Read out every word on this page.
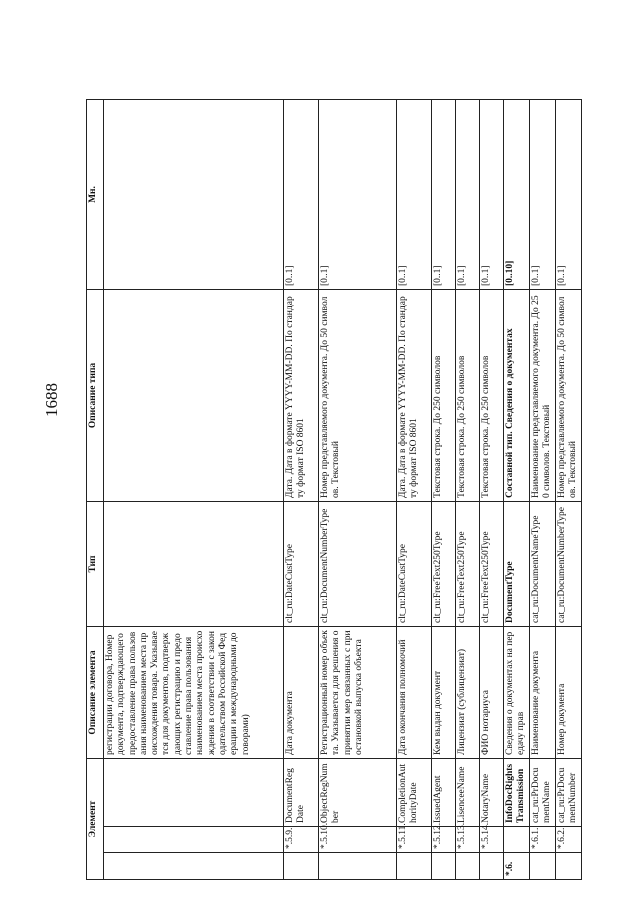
1688
Элемент			Описание элемента	Тип	Описание типа	Мн.
			регистрации договора, Номер документа, подтверждающего предоставление права пользования наименованием места происхождения товара. Указывается для документов, подтверждающих регистрацию и предоставление права пользования наименованием места происхождения в соответствии с законодательством Российской Федерации и международными договорами)			
	*.5.9.	DocumentRegDate	Дата документа	clt_ru:DateCustType	Дата. Дата в формате YYYY-MM-DD. По стандарту формат ISO 8601	[0..1]
	*.5.10.	ObjectRegNumber	Регистрационный номер объекта. Указывается для решения о принятии мер связанных с приостановкой выпуска объекта	clt_ru:DocumentNumberType	Номер представляемого документа. До 50 символов. Текстовый	[0..1]
	*.5.11.	CompletionAuthorityDate	Дата окончания полномочий	clt_ru:DateCustType	Дата. Дата в формате YYYY-MM-DD. По стандарту формат ISO 8601	[0..1]
	*.5.12.	IssuedAgent	Кем выдан документ	clt_ru:FreeText250Type	Текстовая строка. До 250 символов	[0..1]
	*.5.13.	LisenceeName	Лицензиат (сублицензиат)	clt_ru:FreeText250Type	Текстовая строка. До 250 символов	[0..1]
	*.5.14.	NotaryName	ФИО нотариуса	clt_ru:FreeText250Type	Текстовая строка. До 250 символов	[0..1]
*.6.		InfoDocRightsTransmission	Сведения о документах на передачу прав	DocumentType	Составной тип. Сведения о документах	[0..10]
	*.6.1.	cat_ru:PrDocumentName	Наименование документа	cat_ru:DocumentNameType	Наименование представляемого документа. До 250 символов. Текстовый	[0..1]
	*.6.2.	cat_ru:PrDocumentNumber	Номер документа	cat_ru:DocumentNumberType	Номер представляемого документа. До 50 символов. Текстовый	[0..1]
